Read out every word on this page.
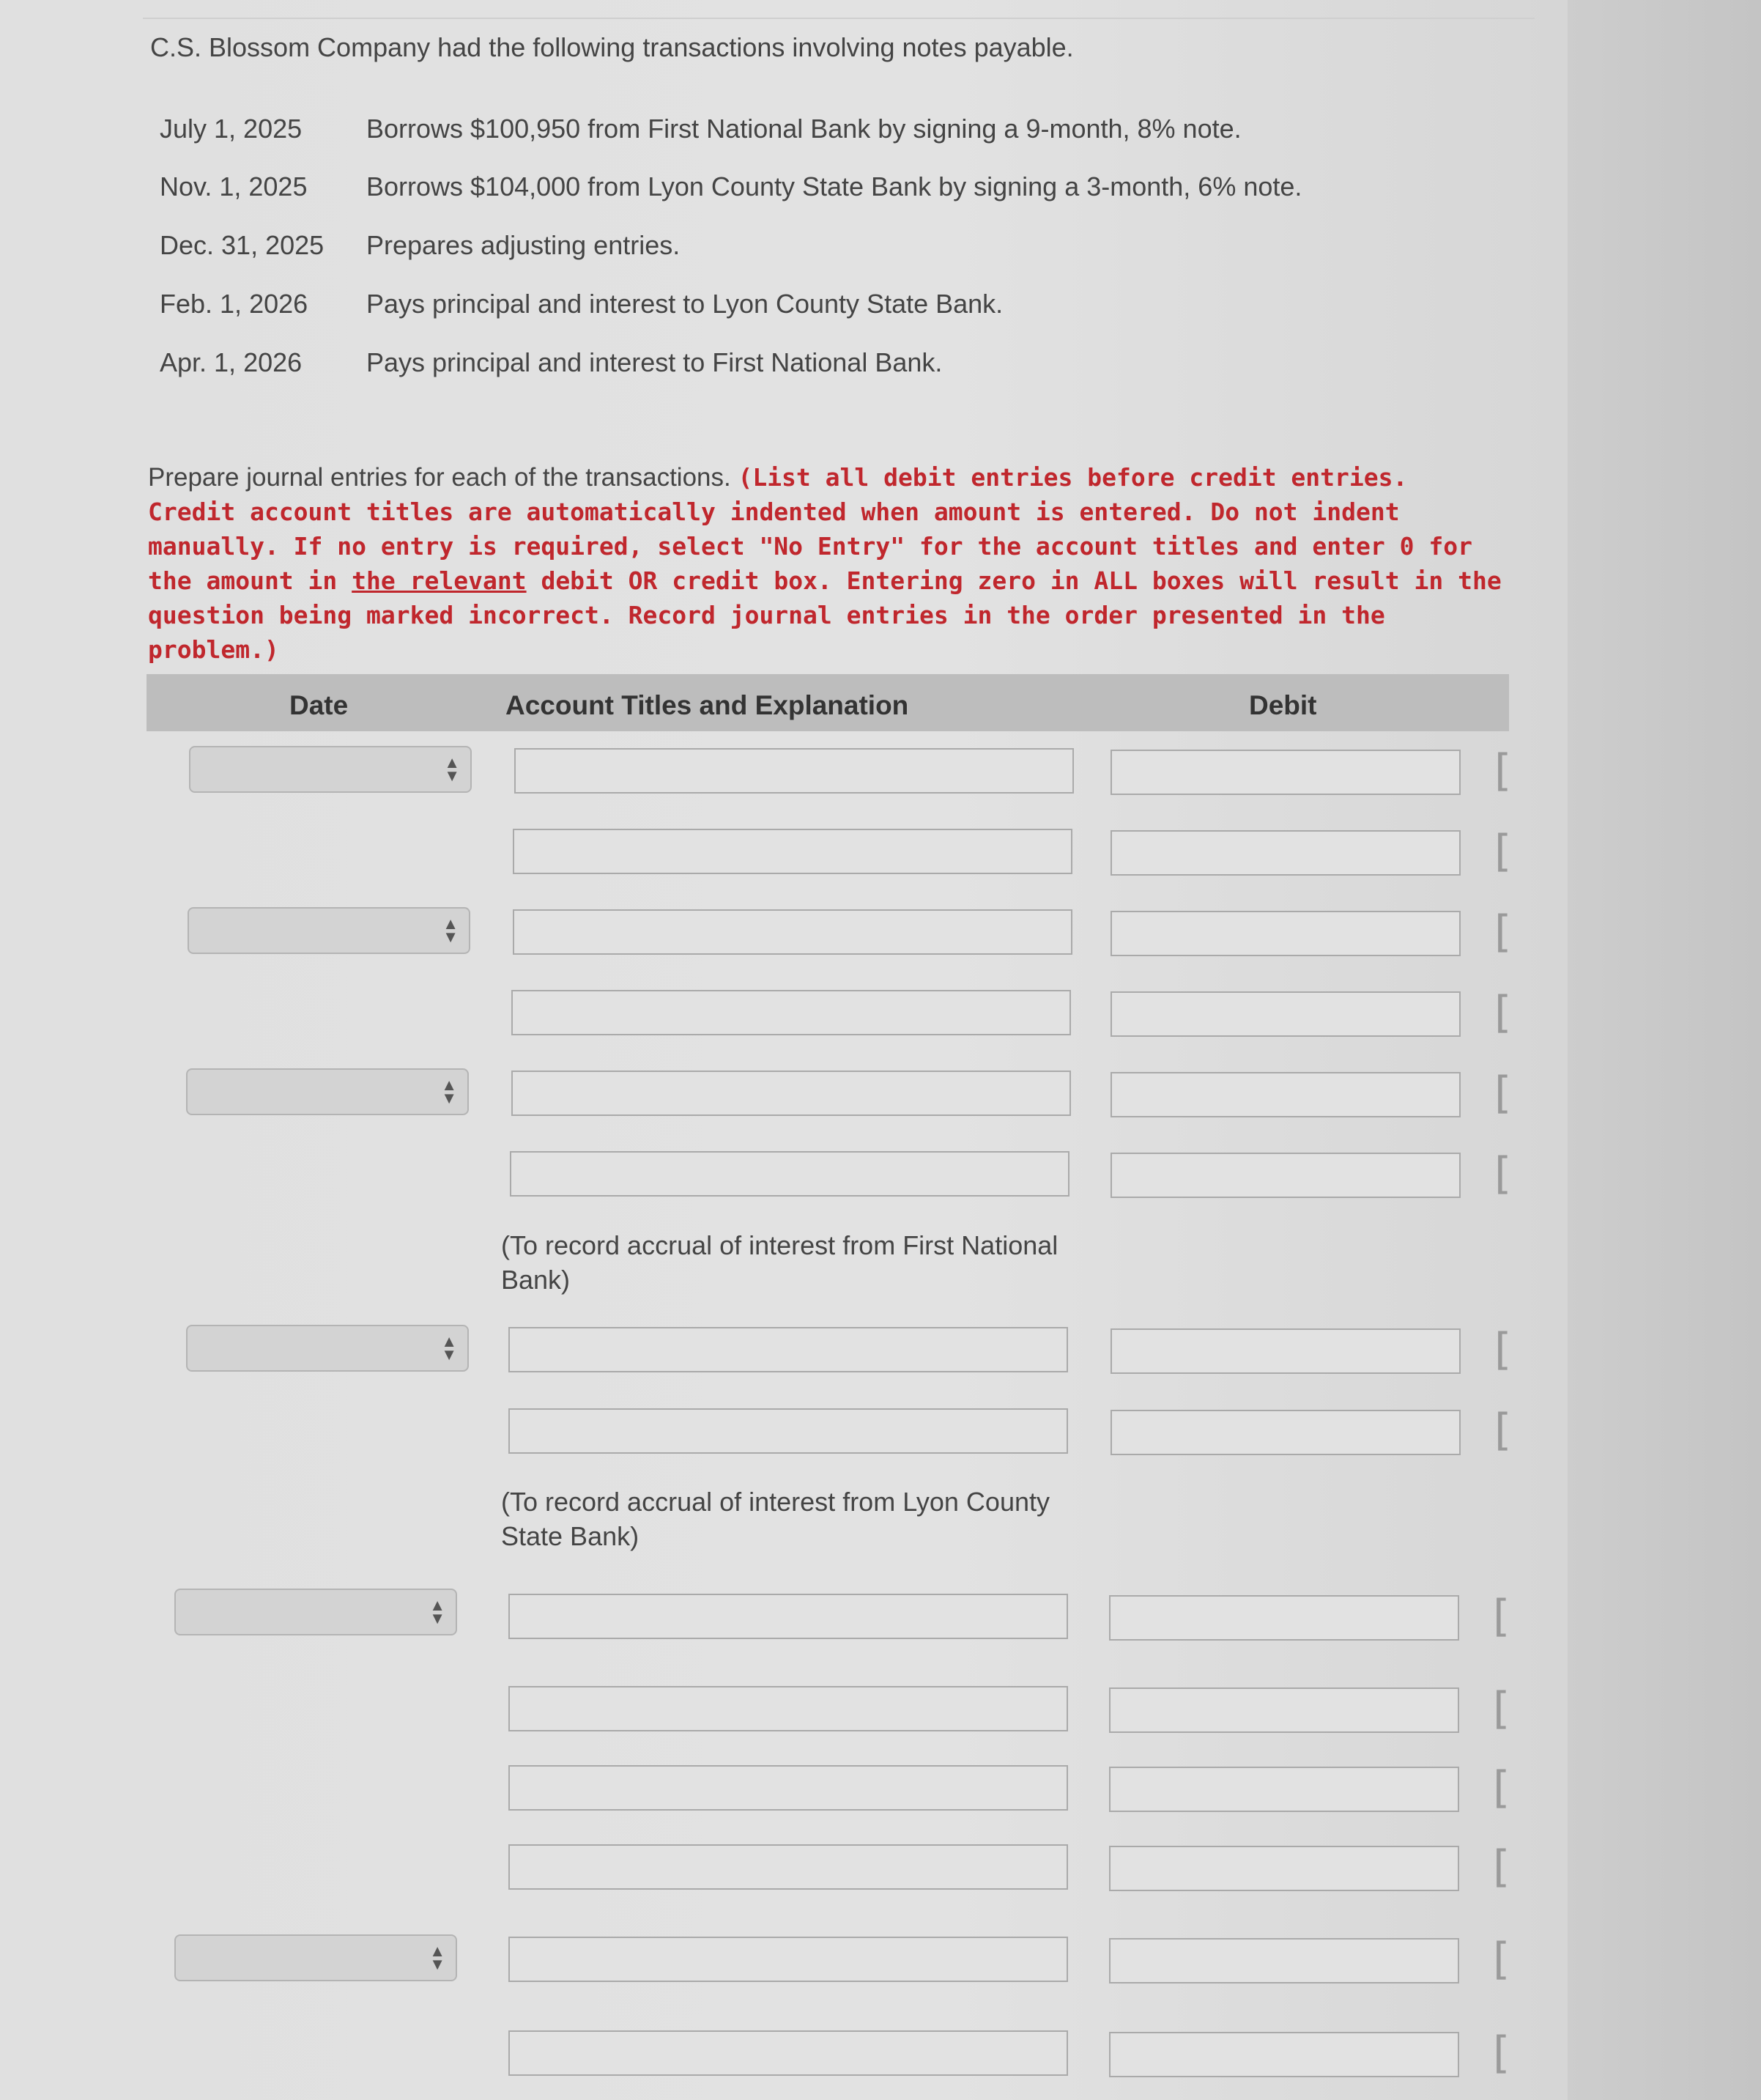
C.S. Blossom Company had the following transactions involving notes payable.
July 1, 2025 Borrows $100,950 from First National Bank by signing a 9-month, 8% note.
Nov. 1, 2025 Borrows $104,000 from Lyon County State Bank by signing a 3-month, 6% note.
Dec. 31, 2025 Prepares adjusting entries.
Feb. 1, 2026 Pays principal and interest to Lyon County State Bank.
Apr. 1, 2026 Pays principal and interest to First National Bank.
Prepare journal entries for each of the transactions. (List all debit entries before credit entries. Credit account titles are automatically indented when amount is entered. Do not indent manually. If no entry is required, select "No Entry" for the account titles and enter 0 for the amount in the relevant debit OR credit box. Entering zero in ALL boxes will result in the question being marked incorrect. Record journal entries in the order presented in the problem.)
Date	Account Titles and Explanation	Debit
▲
▼	[
[
▲
▼	[
[
▲
▼	[
[
(To record accrual of interest from First National Bank)
▲
▼	[
[
(To record accrual of interest from Lyon County State Bank)
▲
▼	[
[
[
[
▲
▼	[
[
